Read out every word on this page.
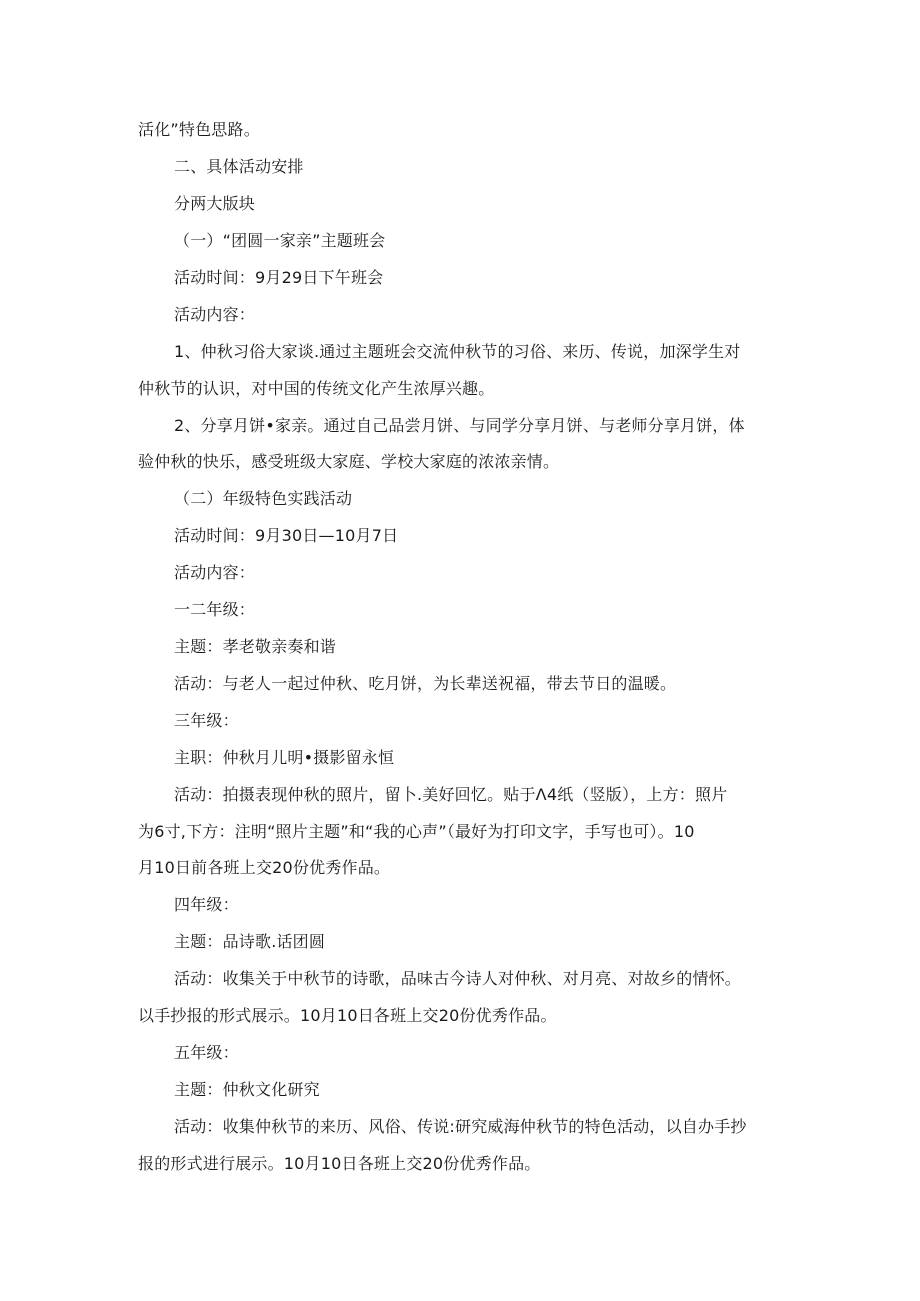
活化”特色思路。
二、具体活动安排
分两大版块
（一）“团圆一家亲”主题班会
活动时间：9月29日下午班会
活动内容：
1、仲秋习俗大家谈.通过主题班会交流仲秋节的习俗、来历、传说，加深学生对
仲秋节的认识，对中国的传统文化产生浓厚兴趣。
2、分享月饼•家亲。通过自己品尝月饼、与同学分享月饼、与老师分享月饼，体
验仲秋的快乐，感受班级大家庭、学校大家庭的浓浓亲情。
（二）年级特色实践活动
活动时间：9月30日—10月7日
活动内容：
一二年级：
主题：孝老敬亲奏和谐
活动：与老人一起过仲秋、吃月饼，为长辈送祝福，带去节日的温暖。
三年级：
主职：仲秋月儿明•摄影留永恒
活动：拍摄表现仲秋的照片，留卜.美好回忆。贴于Λ4纸（竖版），上方：照片
为6寸,下方：注明“照片主题”和“我的心声”（最好为打印文字，手写也可）。10
月10日前各班上交20份优秀作品。
四年级：
主题：品诗歌.话团圆
活动：收集关于中秋节的诗歌，品味古今诗人对仲秋、对月亮、对故乡的情怀。
以手抄报的形式展示。10月10日各班上交20份优秀作品。
五年级：
主题：仲秋文化研究
活动：收集仲秋节的来历、风俗、传说:研究威海仲秋节的特色活动，以自办手抄
报的形式进行展示。10月10日各班上交20份优秀作品。
